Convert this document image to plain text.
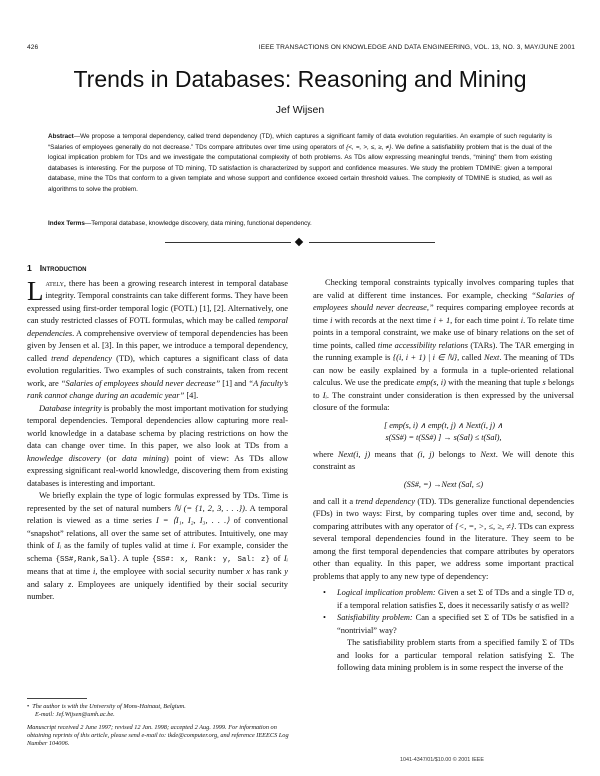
426	IEEE TRANSACTIONS ON KNOWLEDGE AND DATA ENGINEERING, VOL. 13, NO. 3, MAY/JUNE 2001
Trends in Databases: Reasoning and Mining
Jef Wijsen
Abstract—We propose a temporal dependency, called trend dependency (TD), which captures a significant family of data evolution regularities. An example of such regularity is “Salaries of employees generally do not decrease.” TDs compare attributes over time using operators of {<, =, >, ≤, ≥, ≠}. We define a satisfiability problem that is the dual of the logical implication problem for TDs and we investigate the computational complexity of both problems. As TDs allow expressing meaningful trends, “mining” them from existing databases is interesting. For the purpose of TD mining, TD satisfaction is characterized by support and confidence measures. We study the problem TDMINE: given a temporal database, mine the TDs that conform to a given template and whose support and confidence exceed certain threshold values. The complexity of TDMINE is studied, as well as algorithms to solve the problem.
Index Terms—Temporal database, knowledge discovery, data mining, functional dependency.
1 Introduction

Lately, there has been a growing research interest in temporal database integrity. Temporal constraints can take different forms. They have been expressed using first-order temporal logic (FOTL) [1], [2]. Alternatively, one can study restricted classes of FOTL formulas, which may be called temporal dependencies. A comprehensive overview of temporal dependencies has been given by Jensen et al. [3]. In this paper, we introduce a temporal dependency, called trend dependency (TD), which captures a significant class of data evolution regularities. Two examples of such constraints, taken from recent work, are “Salaries of employees should never decrease” [1] and “A faculty’s rank cannot change during an academic year” [4].

Database integrity is probably the most important motivation for studying temporal dependencies. Temporal dependencies allow capturing more real-world knowledge in a database schema by placing restrictions on how the data can change over time. In this paper, we also look at TDs from a knowledge discovery (or data mining) point of view: As TDs allow expressing significant real-world knowledge, discovering them from existing databases is interesting and important.

We briefly explain the type of logic formulas expressed by TDs. Time is represented by the set of natural numbers ℕ (= {1, 2, 3, . . .}). A temporal relation is viewed as a time series I = ⟨I₁, I₂, I₃, . . .⟩ of conventional “snapshot” relations, all over the same set of attributes. Intuitively, one may think of Iᵢ as the family of tuples valid at time i. For example, consider the schema {SS#,Rank,Sal}. A tuple {SS#: x, Rank: y, Sal: z} of Iᵢ means that at time i, the employee with social security number x has rank y and salary z. Employees are uniquely identified by their social security number.

Checking temporal constraints typically involves comparing tuples that are valid at different time instances. For example, checking “Salaries of employees should never decrease,” requires comparing employee records at time i with records at the next time i + 1, for each time point i. To relate time points in a temporal constraint, we make use of binary relations on the set of time points, called time accessibility relations (TARs). The TAR emerging in the running example is {(i, i + 1) | i ∈ ℕ}, called Next. The meaning of TDs can now be easily explained by a formula in a tuple-oriented relational calculus. We use the predicate emp(s, i) with the meaning that tuple s belongs to Iᵢ. The constraint under consideration is then expressed by the universal closure of the formula:

[ emp(s, i) ∧ emp(t, j) ∧ Next(i, j) ∧
s(SS#) = t(SS#) ] → s(Sal) ≤ t(Sal),

where Next(i, j) means that (i, j) belongs to Next. We will denote this constraint as

(SS#, =) →Next (Sal, ≤)

and call it a trend dependency (TD). TDs generalize functional dependencies (FDs) in two ways: First, by comparing tuples over time and, second, by comparing attributes with any operator of {<, =, >, ≤, ≥, ≠}. TDs can express several temporal dependencies found in the literature. They seem to be among the first temporal dependencies that compare attributes by operators other than equality. In this paper, we address some important practical problems that apply to any new type of dependency:

• Logical implication problem: Given a set Σ of TDs and a single TD σ, if a temporal relation satisfies Σ, does it necessarily satisfy σ as well?
• Satisfiability problem: Can a specified set Σ of TDs be satisfied in a “nontrivial” way?

The satisfiability problem starts from a specified family Σ of TDs and looks for a particular temporal relation satisfying Σ. The following data mining problem is in some respect the inverse of the

• The author is with the University of Mons-Hainaut, Belgium.
E-mail: Jef.Wijsen@umh.ac.be.
Manuscript received 2 June 1997; revised 12 Jan. 1998; accepted 2 Aug. 1999. For information on obtaining reprints of this article, please send e-mail to: tkde@computer.org, and reference IEEECS Log Number 104006.
1041-4347/01/$10.00 © 2001 IEEE
